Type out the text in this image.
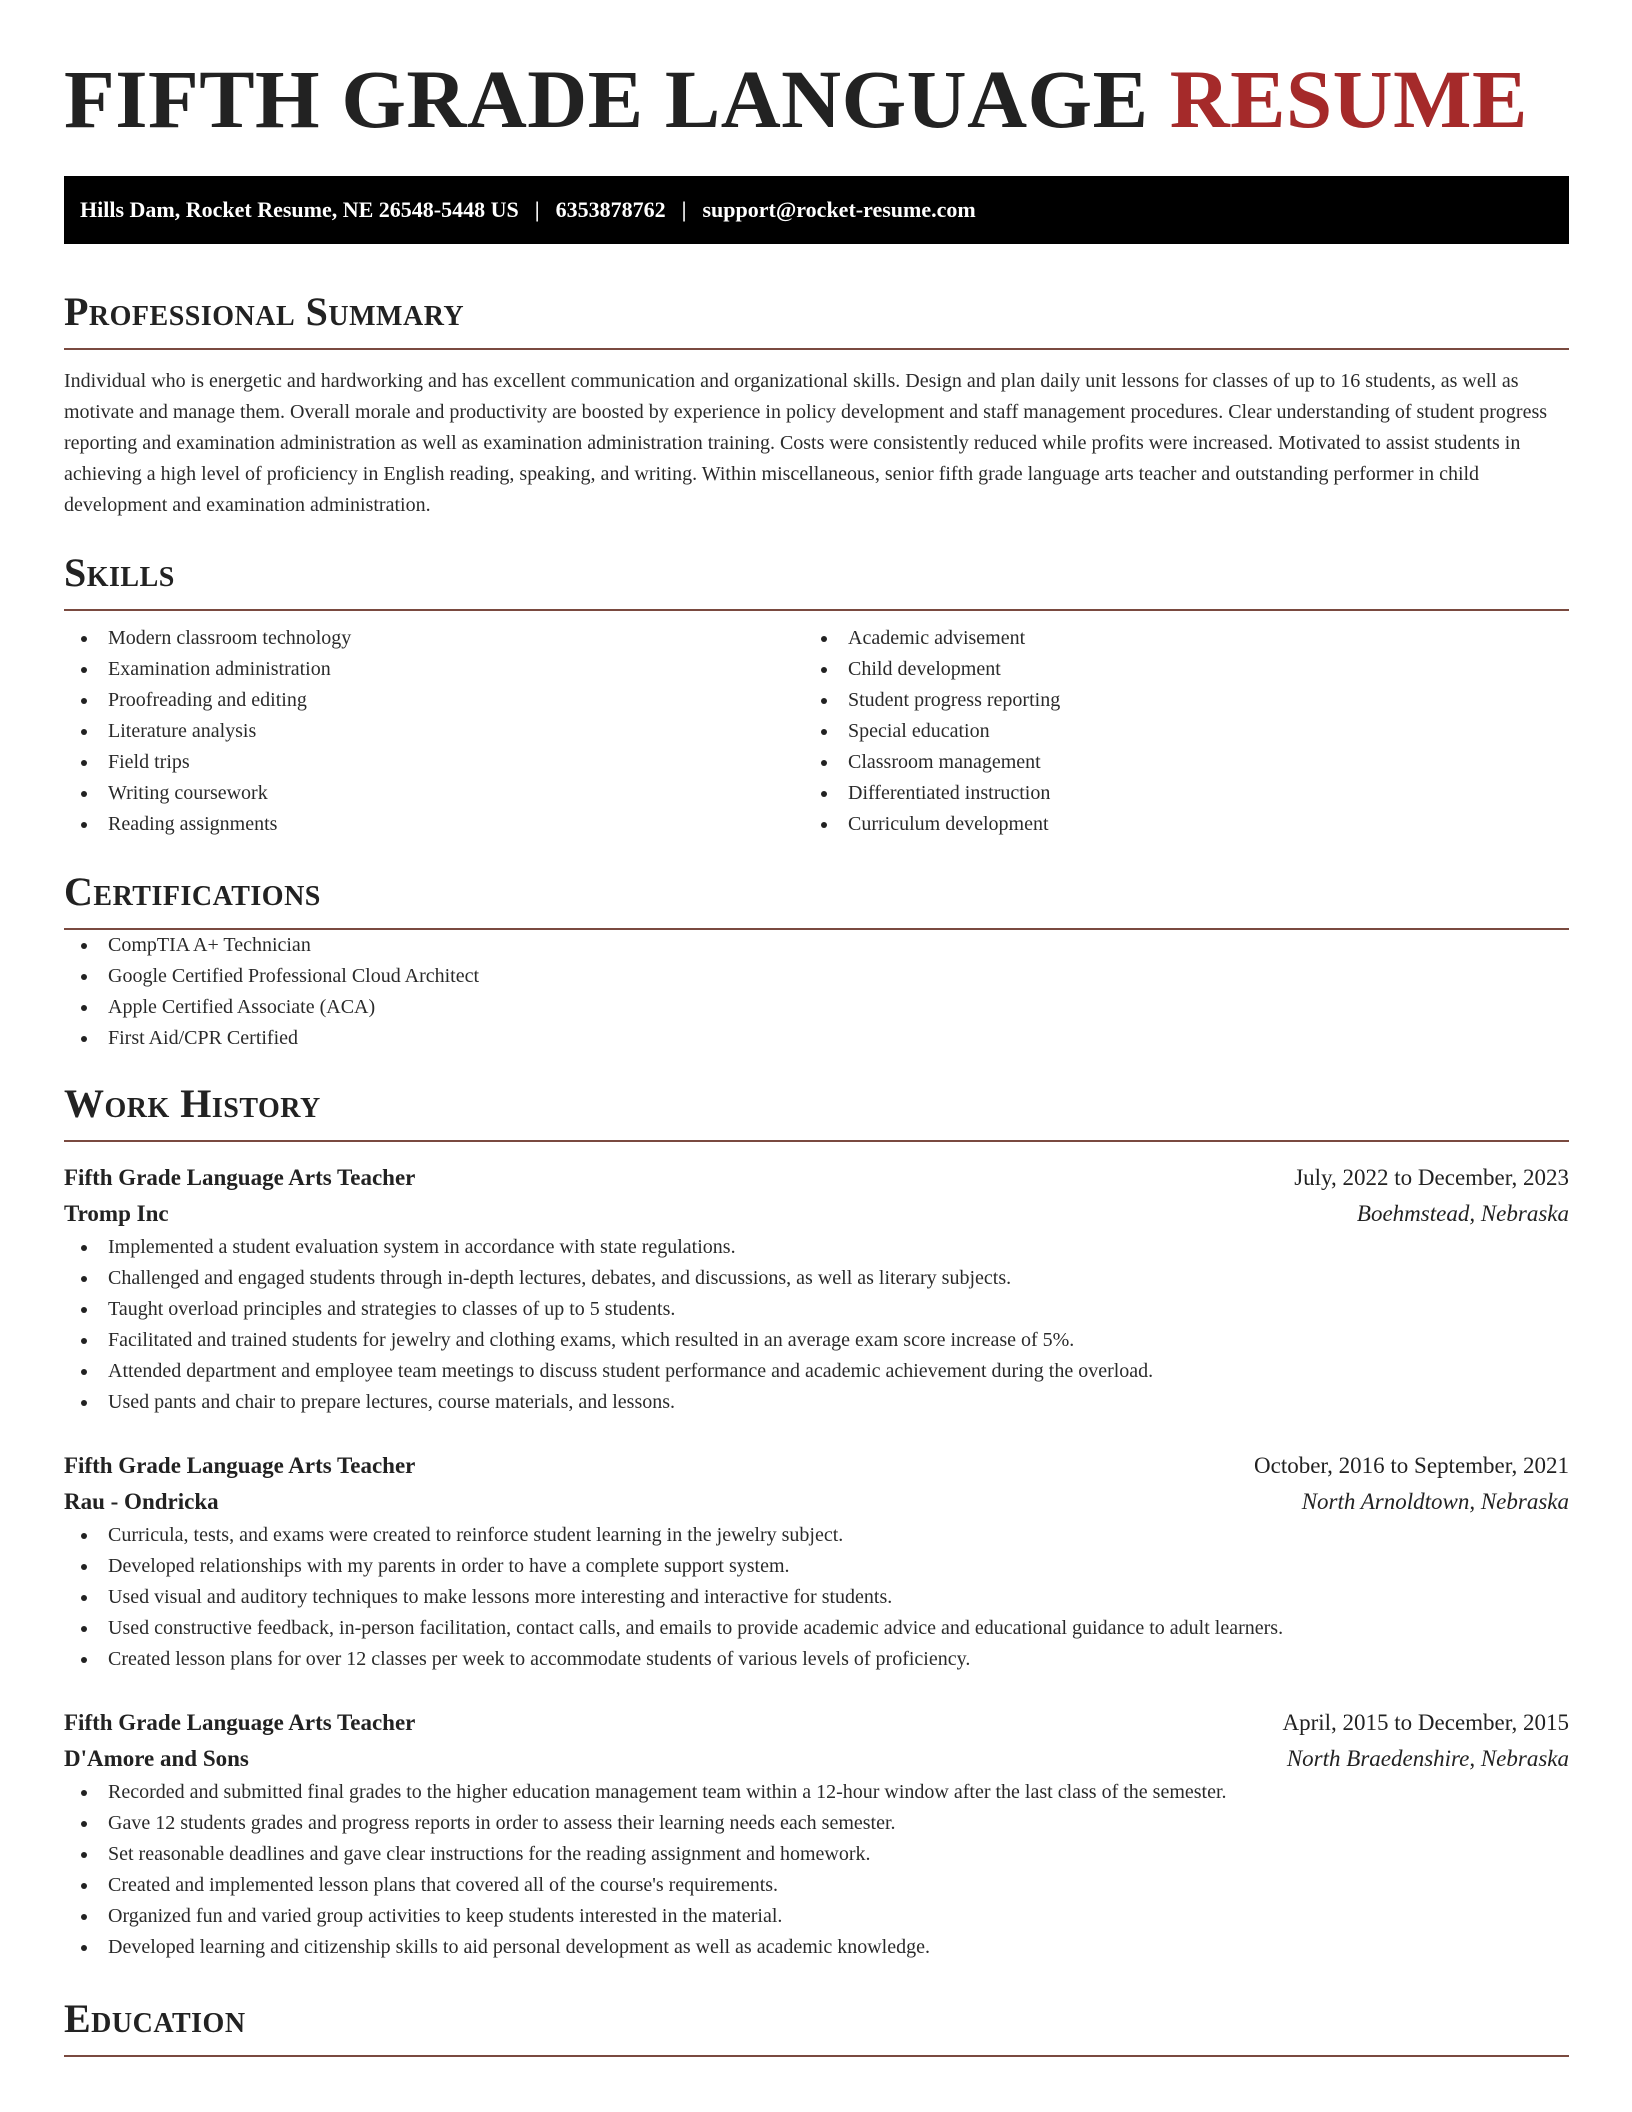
FIFTH GRADE LANGUAGE RESUME
Hills Dam, Rocket Resume, NE 26548-5448 US | 6353878762 | support@rocket-resume.com
Professional Summary

Individual who is energetic and hardworking and has excellent communication and organizational skills. Design and plan daily unit lessons for classes of up to 16 students, as well as motivate and manage them. Overall morale and productivity are boosted by experience in policy development and staff management procedures. Clear understanding of student progress reporting and examination administration as well as examination administration training. Costs were consistently reduced while profits were increased. Motivated to assist students in achieving a high level of proficiency in English reading, speaking, and writing. Within miscellaneous, senior fifth grade language arts teacher and outstanding performer in child development and examination administration.

Skills
Modern classroom technology
Examination administration
Proofreading and editing
Literature analysis
Field trips
Writing coursework
Reading assignments
Academic advisement
Child development
Student progress reporting
Special education
Classroom management
Differentiated instruction
Curriculum development
Certifications
CompTIA A+ Technician
Google Certified Professional Cloud Architect
Apple Certified Associate (ACA)
First Aid/CPR Certified
Work History
Fifth Grade Language Arts Teacher	July, 2022 to December, 2023
Tromp Inc	Boehmstead, Nebraska
Implemented a student evaluation system in accordance with state regulations.
Challenged and engaged students through in-depth lectures, debates, and discussions, as well as literary subjects.
Taught overload principles and strategies to classes of up to 5 students.
Facilitated and trained students for jewelry and clothing exams, which resulted in an average exam score increase of 5%.
Attended department and employee team meetings to discuss student performance and academic achievement during the overload.
Used pants and chair to prepare lectures, course materials, and lessons.
Fifth Grade Language Arts Teacher	October, 2016 to September, 2021
Rau - Ondricka	North Arnoldtown, Nebraska
Curricula, tests, and exams were created to reinforce student learning in the jewelry subject.
Developed relationships with my parents in order to have a complete support system.
Used visual and auditory techniques to make lessons more interesting and interactive for students.
Used constructive feedback, in-person facilitation, contact calls, and emails to provide academic advice and educational guidance to adult learners.
Created lesson plans for over 12 classes per week to accommodate students of various levels of proficiency.
Fifth Grade Language Arts Teacher	April, 2015 to December, 2015
D'Amore and Sons	North Braedenshire, Nebraska
Recorded and submitted final grades to the higher education management team within a 12-hour window after the last class of the semester.
Gave 12 students grades and progress reports in order to assess their learning needs each semester.
Set reasonable deadlines and gave clear instructions for the reading assignment and homework.
Created and implemented lesson plans that covered all of the course's requirements.
Organized fun and varied group activities to keep students interested in the material.
Developed learning and citizenship skills to aid personal development as well as academic knowledge.
Education
